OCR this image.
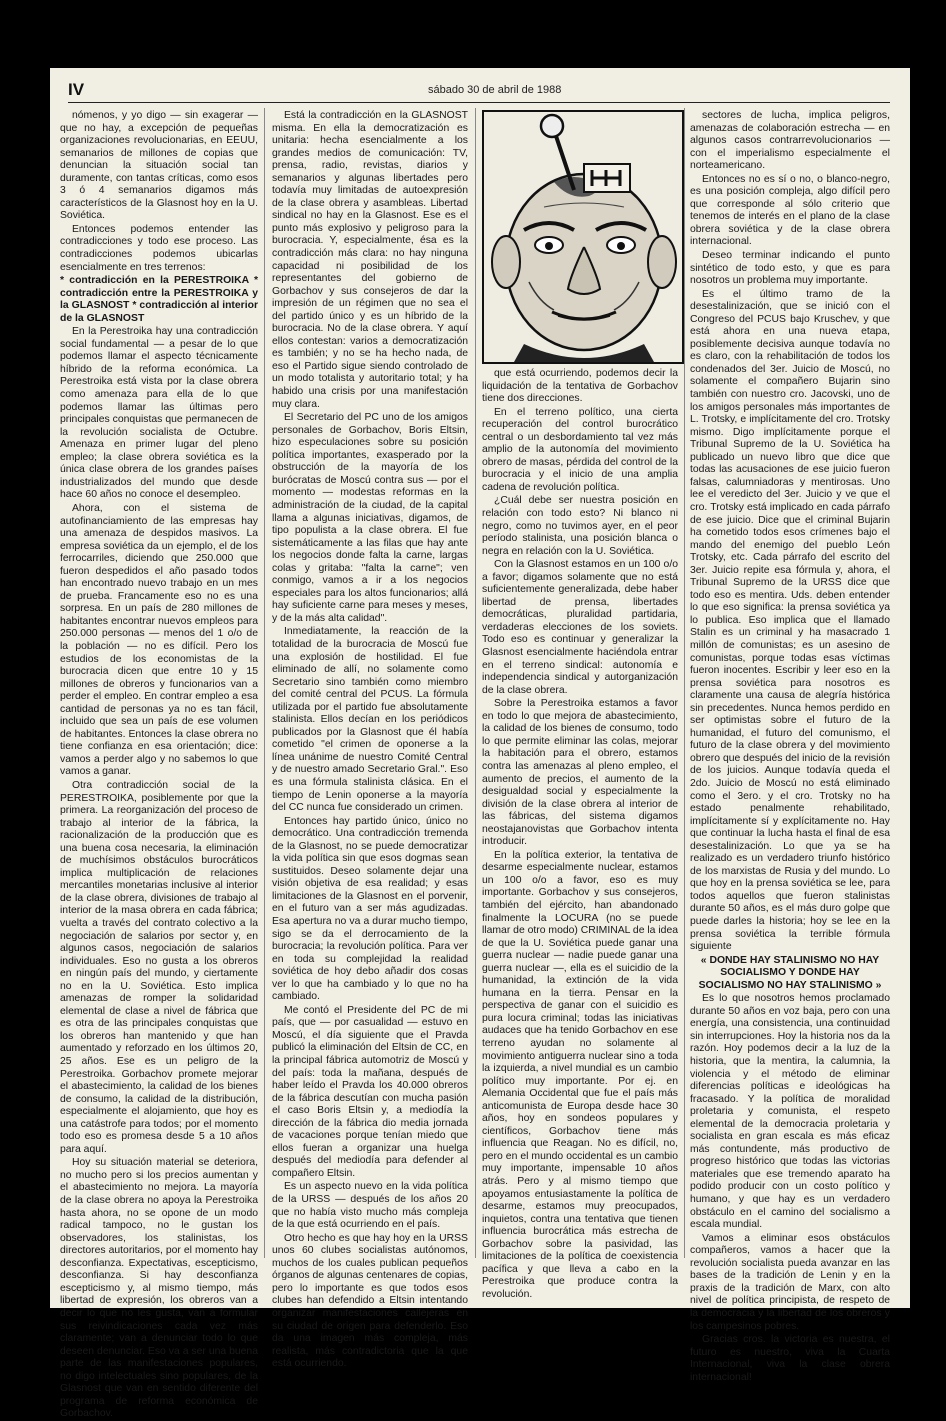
IV	sábado 30 de abril de 1988

nómenos, y yo digo — sin exagerar — que no hay, a excepción de pequeñas organizaciones revolucionarias, en EEUU, semanarios de millones de copias que denuncian la situación social tan duramente, con tantas críticas, como esos 3 ó 4 semanarios digamos más característicos de la Glasnost hoy en la U. Soviética.

Entonces podemos entender las contradicciones y todo ese proceso. Las contradicciones podemos ubicarlas esencialmente en tres terrenos:

* contradicción en la PERESTROIKA * contradicción entre la PERESTROIKA y la GLASNOST * contradicción al interior de la GLASNOST

En la Perestroika hay una contradicción social fundamental — a pesar de lo que podemos llamar el aspecto técnicamente híbrido de la reforma económica. La Perestroika está vista por la clase obrera como amenaza para ella de lo que podemos llamar las últimas pero principales conquistas que permanecen de la revolución socialista de Octubre. Amenaza en primer lugar del pleno empleo; la clase obrera soviética es la única clase obrera de los grandes países industrializados del mundo que desde hace 60 años no conoce el desempleo.

Ahora, con el sistema de autofinanciamiento de las empresas hay una amenaza de despidos masivos. La empresa soviética da un ejemplo, el de los ferrocarriles, diciendo que 250.000 que fueron despedidos el año pasado todos han encontrado nuevo trabajo en un mes de prueba. Francamente eso no es una sorpresa. En un país de 280 millones de habitantes encontrar nuevos empleos para 250.000 personas — menos del 1 o/o de la población — no es difícil. Pero los estudios de los economistas de la burocracia dicen que entre 10 y 15 millones de obreros y funcionarios van a perder el empleo. En contrar empleo a esa cantidad de personas ya no es tan fácil, incluido que sea un país de ese volumen de habitantes. Entonces la clase obrera no tiene confianza en esa orientación; dice: vamos a perder algo y no sabemos lo que vamos a ganar.

Otra contradicción social de la PERESTROIKA, posiblemente por que la primera. La reorganización del proceso de trabajo al interior de la fábrica, la racionalización de la producción que es una buena cosa necesaria, la eliminación de muchísimos obstáculos burocráticos implica multiplicación de relaciones mercantiles monetarias inclusive al interior de la clase obrera, divisiones de trabajo al interior de la masa obrera en cada fábrica; vuelta a través del contrato colectivo a la negociación de salarios por sector y, en algunos casos, negociación de salarios individuales. Eso no gusta a los obreros en ningún país del mundo, y ciertamente no en la U. Soviética. Esto implica amenazas de romper la solidaridad elemental de clase a nivel de fábrica que es otra de las principales conquistas que los obreros han mantenido y que han aumentado y reforzado en los últimos 20, 25 años. Ese es un peligro de la Perestroika. Gorbachov promete mejorar el abastecimiento, la calidad de los bienes de consumo, la calidad de la distribución, especialmente el alojamiento, que hoy es una catástrofe para todos; por el momento todo eso es promesa desde 5 a 10 años para aquí.

Hoy su situación material se deteriora, no mucho pero si los precios aumentan y el abastecimiento no mejora. La mayoría de la clase obrera no apoya la Perestroika hasta ahora, no se opone de un modo radical tampoco, no le gustan los observadores, los stalinistas, los directores autoritarios, por el momento hay desconfianza. Expectativas, escepticismo, desconfianza. Si hay desconfianza escepticismo y, al mismo tiempo, más libertad de expresión, los obreros van a decir lo que no les gusta, van a formular sus reivindicaciones cada vez más claramente; van a denunciar todo lo que deseen denunciar. Eso va a ser una buena parte de las manifestaciones populares, no digo intelectuales sino populares, de la Glasnost que van en sentido diferente del programa de reforma económica de Gorbachov.

Está la contradicción en la GLASNOST misma. En ella la democratización es unitaria: hecha esencialmente a los grandes medios de comunicación: TV, prensa, radio, revistas, diarios y semanarios y algunas libertades pero todavía muy limitadas de autoexpresión de la clase obrera y asambleas. Libertad sindical no hay en la Glasnost. Ese es el punto más explosivo y peligroso para la burocracia. Y, especialmente, ésa es la contradicción más clara: no hay ninguna capacidad ni posibilidad de los representantes del gobierno de Gorbachov y sus consejeros de dar la impresión de un régimen que no sea el del partido único y es un híbrido de la burocracia. No de la clase obrera. Y aquí ellos contestan: varios a democratización es también; y no se ha hecho nada, de eso el Partido sigue siendo controlado de un modo totalista y autoritario total; y ha habido una crisis por una manifestación muy clara.

El Secretario del PC uno de los amigos personales de Gorbachov, Boris Eltsin, hizo especulaciones sobre su posición política importantes, exasperado por la obstrucción de la mayoría de los burócratas de Moscú contra sus — por el momento — modestas reformas en la administración de la ciudad, de la capital llama a algunas iniciativas, digamos, de tipo populista a la clase obrera. El fue sistemáticamente a las filas que hay ante los negocios donde falta la carne, largas colas y gritaba: "falta la carne"; ven conmigo, vamos a ir a los negocios especiales para los altos funcionarios; allá hay suficiente carne para meses y meses, y de la más alta calidad".

Inmediatamente, la reacción de la totalidad de la burocracia de Moscú fue una explosión de hostilidad. El fue eliminado de allí, no solamente como Secretario sino también como miembro del comité central del PCUS. La fórmula utilizada por el partido fue absolutamente stalinista. Ellos decían en los periódicos publicados por la Glasnost que él había cometido "el crimen de oponerse a la línea unánime de nuestro Comité Central y de nuestro amado Secretario Gral.". Eso es una fórmula stalinista clásica. En el tiempo de Lenin oponerse a la mayoría del CC nunca fue considerado un crimen.

Entonces hay partido único, único no democrático. Una contradicción tremenda de la Glasnost, no se puede democratizar la vida política sin que esos dogmas sean sustituidos. Deseo solamente dejar una visión objetiva de esa realidad; y esas limitaciones de la Glasnost en el porvenir, en el futuro van a ser más agudizadas. Esa apertura no va a durar mucho tiempo, sigo se da el derrocamiento de la burocracia; la revolución política. Para ver en toda su complejidad la realidad soviética de hoy debo añadir dos cosas ver lo que ha cambiado y lo que no ha cambiado.

Me contó el Presidente del PC de mi país, que — por casualidad — estuvo en Moscú, el día siguiente que el Pravda publicó la eliminación del Eltsin de CC, en la principal fábrica automotriz de Moscú y del país: toda la mañana, después de haber leído el Pravda los 40.000 obreros de la fábrica descutían con mucha pasión el caso Boris Eltsin y, a mediodía la dirección de la fábrica dio media jornada de vacaciones porque tenían miedo que ellos fueran a organizar una huelga después del mediodía para defender al compañero Eltsin.

Es un aspecto nuevo en la vida política de la URSS — después de los años 20 que no había visto mucho más compleja de la que está ocurriendo en el país.

Otro hecho es que hay hoy en la URSS unos 60 clubes socialistas autónomos, muchos de los cuales publican pequeños órganos de algunas centenares de copias, pero lo importante es que todos esos clubes han defendido a Eltsin intentando organizar manifestaciones callejeras en su ciudad de origen para defenderlo. Eso da una imagen más compleja, más realista, más contradictoria que la que está ocurriendo.

que está ocurriendo, podemos decir la liquidación de la tentativa de Gorbachov tiene dos direcciones.

En el terreno político, una cierta recuperación del control burocrático central o un desbordamiento tal vez más amplio de la autonomía del movimiento obrero de masas, pérdida del control de la burocracia y el inicio de una amplia cadena de revolución política.

¿Cuál debe ser nuestra posición en relación con todo esto? Ni blanco ni negro, como no tuvimos ayer, en el peor período stalinista, una posición blanca o negra en relación con la U. Soviética.

Con la Glasnost estamos en un 100 o/o a favor; digamos solamente que no está suficientemente generalizada, debe haber libertad de prensa, libertades democráticas, pluralidad partidaria, verdaderas elecciones de los soviets. Todo eso es continuar y generalizar la Glasnost esencialmente haciéndola entrar en el terreno sindical: autonomía e independencia sindical y autorganización de la clase obrera.

Sobre la Perestroika estamos a favor en todo lo que mejora de abastecimiento, la calidad de los bienes de consumo, todo lo que permite eliminar las colas, mejorar la habitación para el obrero, estamos contra las amenazas al pleno empleo, el aumento de precios, el aumento de la desigualdad social y especialmente la división de la clase obrera al interior de las fábricas, del sistema digamos neostajanovistas que Gorbachov intenta introducir.

En la política exterior, la tentativa de desarme especialmente nuclear, estamos un 100 o/o a favor, eso es muy importante. Gorbachov y sus consejeros, también del ejército, han abandonado finalmente la LOCURA (no se puede llamar de otro modo) CRIMINAL de la idea de que la U. Soviética puede ganar una guerra nuclear — nadie puede ganar una guerra nuclear —, ella es el suicidio de la humanidad, la extinción de la vida humana en la tierra. Pensar en la perspectiva de ganar con el suicidio es pura locura criminal; todas las iniciativas audaces que ha tenido Gorbachov en ese terreno ayudan no solamente al movimiento antiguerra nuclear sino a toda la izquierda, a nivel mundial es un cambio político muy importante. Por ej. en Alemania Occidental que fue el país más anticomunista de Europa desde hace 30 años, hoy en sondeos populares y científicos, Gorbachov tiene más influencia que Reagan. No es difícil, no, pero en el mundo occidental es un cambio muy importante, impensable 10 años atrás. Pero y al mismo tiempo que apoyamos entusiastamente la política de desarme, estamos muy preocupados, inquietos, contra una tentativa que tienen influencia burocrática más estrecha de Gorbachov sobre la pasividad, las limitaciones de la política de coexistencia pacífica y que lleva a cabo en la Perestroika que produce contra la revolución.

sectores de lucha, implica peligros, amenazas de colaboración estrecha — en algunos casos contrarrevolucionarios — con el imperialismo especialmente el norteamericano.

Entonces no es sí o no, o blanco-negro, es una posición compleja, algo difícil pero que corresponde al sólo criterio que tenemos de interés en el plano de la clase obrera soviética y de la clase obrera internacional.

Deseo terminar indicando el punto sintético de todo esto, y que es para nosotros un problema muy importante.

Es el último tramo de la desestalinización, que se inició con el Congreso del PCUS bajo Kruschev, y que está ahora en una nueva etapa, posiblemente decisiva aunque todavía no es claro, con la rehabilitación de todos los condenados del 3er. Juicio de Moscú, no solamente el compañero Bujarin sino también con nuestro cro. Jacovski, uno de los amigos personales más importantes de L. Trotsky, e implícitamente del cro. Trotsky mismo. Digo implícitamente porque el Tribunal Supremo de la U. Soviética ha publicado un nuevo libro que dice que todas las acusaciones de ese juicio fueron falsas, calumniadoras y mentirosas. Uno lee el veredicto del 3er. Juicio y ve que el cro. Trotsky está implicado en cada párrafo de ese juicio. Dice que el criminal Bujarin ha cometido todos esos crímenes bajo el mando del enemigo del pueblo León Trotsky, etc. Cada párrafo del escrito del 3er. Juicio repite esa fórmula y, ahora, el Tribunal Supremo de la URSS dice que todo eso es mentira. Uds. deben entender lo que eso significa: la prensa soviética ya lo publica. Eso implica que el llamado Stalin es un criminal y ha masacrado 1 millón de comunistas; es un asesino de comunistas, porque todas esas víctimas fueron inocentes. Escribir y leer eso en la prensa soviética para nosotros es claramente una causa de alegría histórica sin precedentes. Nunca hemos perdido en ser optimistas sobre el futuro de la humanidad, el futuro del comunismo, el futuro de la clase obrera y del movimiento obrero que después del inicio de la revisión de los juicios. Aunque todavía queda el 2do. Juicio de Moscú no está eliminado como el 3ero. y el cro. Trotsky no ha estado penalmente rehabilitado, implícitamente sí y explícitamente no. Hay que continuar la lucha hasta el final de esa desestalinización. Lo que ya se ha realizado es un verdadero triunfo histórico de los marxistas de Rusia y del mundo. Lo que hoy en la prensa soviética se lee, para todos aquellos que fueron stalinistas durante 50 años, es el más duro golpe que puede darles la historia; hoy se lee en la prensa soviética la terrible fórmula siguiente

« DONDE HAY STALINISMO NO HAY SOCIALISMO Y DONDE HAY SOCIALISMO NO HAY STALINISMO »

Es lo que nosotros hemos proclamado durante 50 años en voz baja, pero con una energía, una consistencia, una continuidad sin interrupciones. Hoy la historia nos da la razón. Hoy podemos decir a la luz de la historia, que la mentira, la calumnia, la violencia y el método de eliminar diferencias políticas e ideológicas ha fracasado. Y la política de moralidad proletaria y comunista, el respeto elemental de la democracia proletaria y socialista en gran escala es más eficaz más contundente, más productivo de progreso histórico que todas las victorias materiales que ese tremendo aparato ha podido producir con un costo político y humano, y que hay es un verdadero obstáculo en el camino del socialismo a escala mundial.

Vamos a eliminar esos obstáculos compañeros, vamos a hacer que la revolución socialista pueda avanzar en las bases de la tradición de Lenin y en la praxis de la tradición de Marx, con alto nivel de política principista, de respeto de la democracia y la libertad de los obreros y los campesinos pobres.

Gracias cros. la victoria es nuestra, el futuro es nuestro, viva la Cuarta Internacional, viva la clase obrera internacional!
